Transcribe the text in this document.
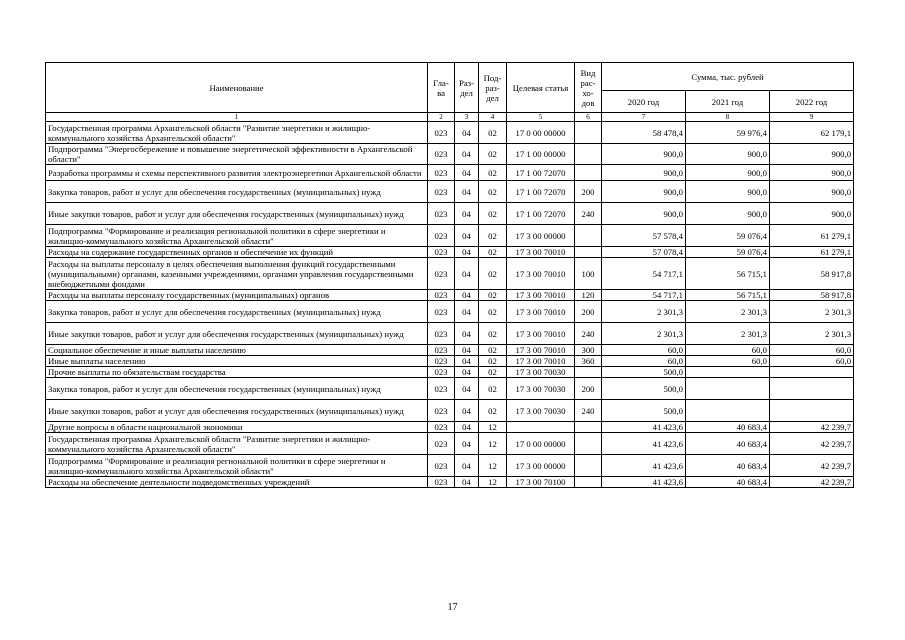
Наименование	Гла-ва	Раз-дел	Под-раз-дел	Целевая статья	Вид рас-хо-дов	Сумма, тыс. рублей		
						2020 год	2021 год	2022 год
1	2	3	4	5	6	7	8	9
Государственная программа Архангельской области "Развитие энергетики и жилищно-коммунального хозяйства Архангельской области"	023	04	02	17 0 00 00000		58 478,4	59 976,4	62 179,1
Подпрограмма "Энергосбережение и повышение энергетической эффективности в Архангельской области"	023	04	02	17 1 00 00000		900,0	900,0	900,0
Разработка программы и схемы перспективного развития электроэнергетики Архангельской области	023	04	02	17 1 00 72070		900,0	900,0	900,0
Закупка товаров, работ и услуг для обеспечения государственных (муниципальных) нужд	023	04	02	17 1 00 72070	200	900,0	900,0	900,0
Иные закупки товаров, работ и услуг для обеспечения государственных (муниципальных) нужд	023	04	02	17 1 00 72070	240	900,0	900,0	900,0
Подпрограмма "Формирование и реализация региональной политики в сфере энергетики и жилищно-коммунального хозяйства Архангельской области"	023	04	02	17 3 00 00000		57 578,4	59 076,4	61 279,1
Расходы на содержание государственных органов и обеспечение их функций	023	04	02	17 3 00 70010		57 078,4	59 076,4	61 279,1
Расходы на выплаты персоналу в целях обеспечения выполнения функций государственными (муниципальными) органами, казенными учреждениями, органами управления государственными внебюджетными фондами	023	04	02	17 3 00 70010	100	54 717,1	56 715,1	58 917,8
Расходы на выплаты персоналу государственных (муниципальных) органов	023	04	02	17 3 00 70010	120	54 717,1	56 715,1	58 917,8
Закупка товаров, работ и услуг для обеспечения государственных (муниципальных) нужд	023	04	02	17 3 00 70010	200	2 301,3	2 301,3	2 301,3
Иные закупки товаров, работ и услуг для обеспечения государственных (муниципальных) нужд	023	04	02	17 3 00 70010	240	2 301,3	2 301,3	2 301,3
Социальное обеспечение и иные выплаты населению	023	04	02	17 3 00 70010	300	60,0	60,0	60,0
Иные выплаты населению	023	04	02	17 3 00 70010	360	60,0	60,0	60,0
Прочие выплаты по обязательствам государства	023	04	02	17 3 00 70030		500,0		
Закупка товаров, работ и услуг для обеспечения государственных (муниципальных) нужд	023	04	02	17 3 00 70030	200	500,0		
Иные закупки товаров, работ и услуг для обеспечения государственных (муниципальных) нужд	023	04	02	17 3 00 70030	240	500,0		
Другие вопросы в области национальной экономики	023	04	12			41 423,6	40 683,4	42 239,7
Государственная программа Архангельской области "Развитие энергетики и жилищно-коммунального хозяйства Архангельской области"	023	04	12	17 0 00 00000		41 423,6	40 683,4	42 239,7
Подпрограмма "Формирование и реализация региональной политики в сфере энергетики и жилищно-коммунального хозяйства Архангельской области"	023	04	12	17 3 00 00000		41 423,6	40 683,4	42 239,7
Расходы на обеспечение деятельности подведомственных учреждений	023	04	12	17 3 00 70100		41 423,6	40 683,4	42 239,7
17
